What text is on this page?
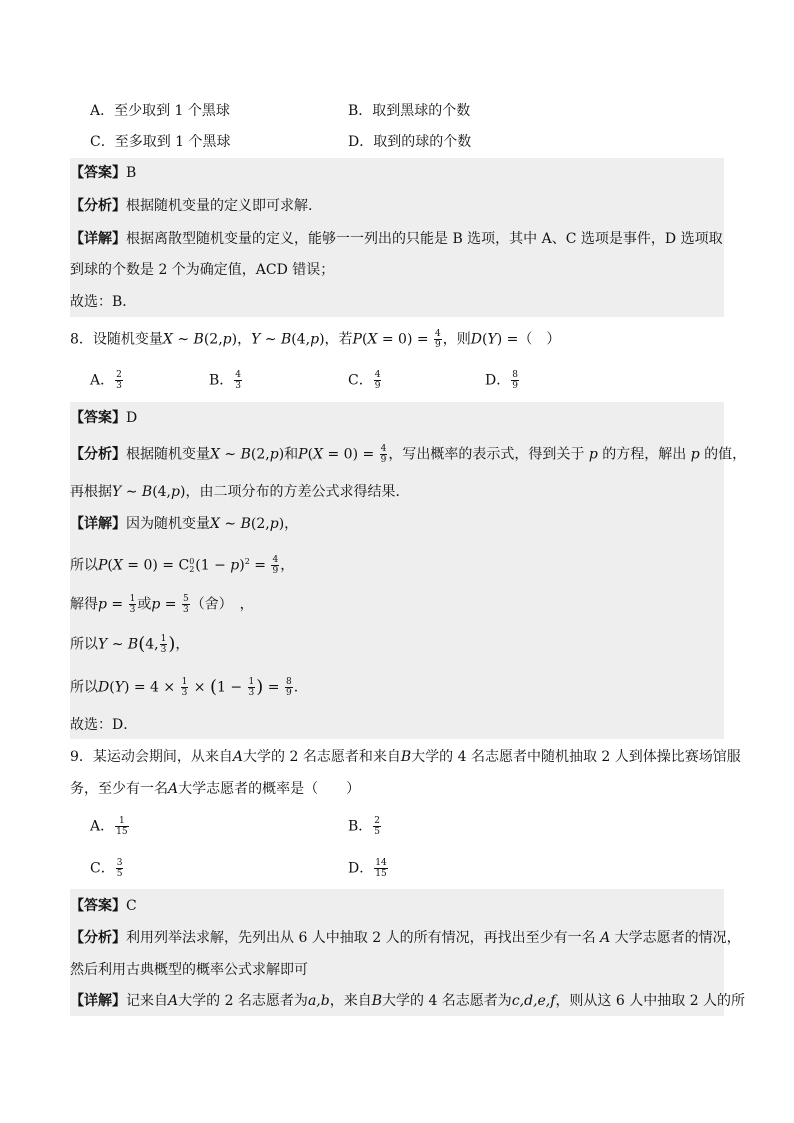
A．至少取到 1 个黑球	B．取到黑球的个数
C．至多取到 1 个黑球	D．取到的球的个数
【答案】B
【分析】根据随机变量的定义即可求解.
【详解】根据离散型随机变量的定义，能够一一列出的只能是 B 选项，其中 A、C 选项是事件，D 选项取
到球的个数是 2 个为确定值，ACD 错误；
故选：B．
8．设随机变量X ∼ B(2,p)，Y ∼ B(4,p)，若$P(X = 0) = \frac{4}{9}$ ，则D(Y) =（　）
A． $\frac{2}{3}$	B． $\frac{4}{3}$	C． $\frac{4}{9}$	D． $\frac{8}{9}$
【答案】D
【分析】根据随机变量X ∼ B(2,p)和$P(X = 0) = \frac{4}{9}$ ，写出概率的表示式，得到关于 p 的方程，解出 p 的值，
再根据Y ∼ B(4,p)，由二项分布的方差公式求得结果．
【详解】因为随机变量X ∼ B(2,p)，
所以P(X = 0) = C 0
2 $(1 - p)^2 = \frac{4}{9}$ ，
解得$p = \frac{1}{3}$ 或$p = \frac{5}{3}$ （舍）　，
所以Y ∼ B(4, $\frac{1}{3}$ )，
所以$D(Y) = 4 \times \frac{1}{3} \times (1 - \frac{1}{3}$ ) = $\frac{8}{9}$ .
故选：D．
9．某运动会期间，从来自A大学的 2 名志愿者和来自B大学的 4 名志愿者中随机抽取 2 人到体操比赛场馆服
务，至少有一名A大学志愿者的概率是（　　）
A． $\frac{1}{15}$	B． $\frac{2}{5}$
C． $\frac{3}{5}$	D． $\frac{14}{15}$
【答案】C
【分析】利用列举法求解，先列出从 6 人中抽取 2 人的所有情况，再找出至少有一名 A 大学志愿者的情况，
然后利用古典概型的概率公式求解即可
【详解】记来自A大学的 2 名志愿者为a,b，来自B大学的 4 名志愿者为c,d,e,f，则从这 6 人中抽取 2 人的所
